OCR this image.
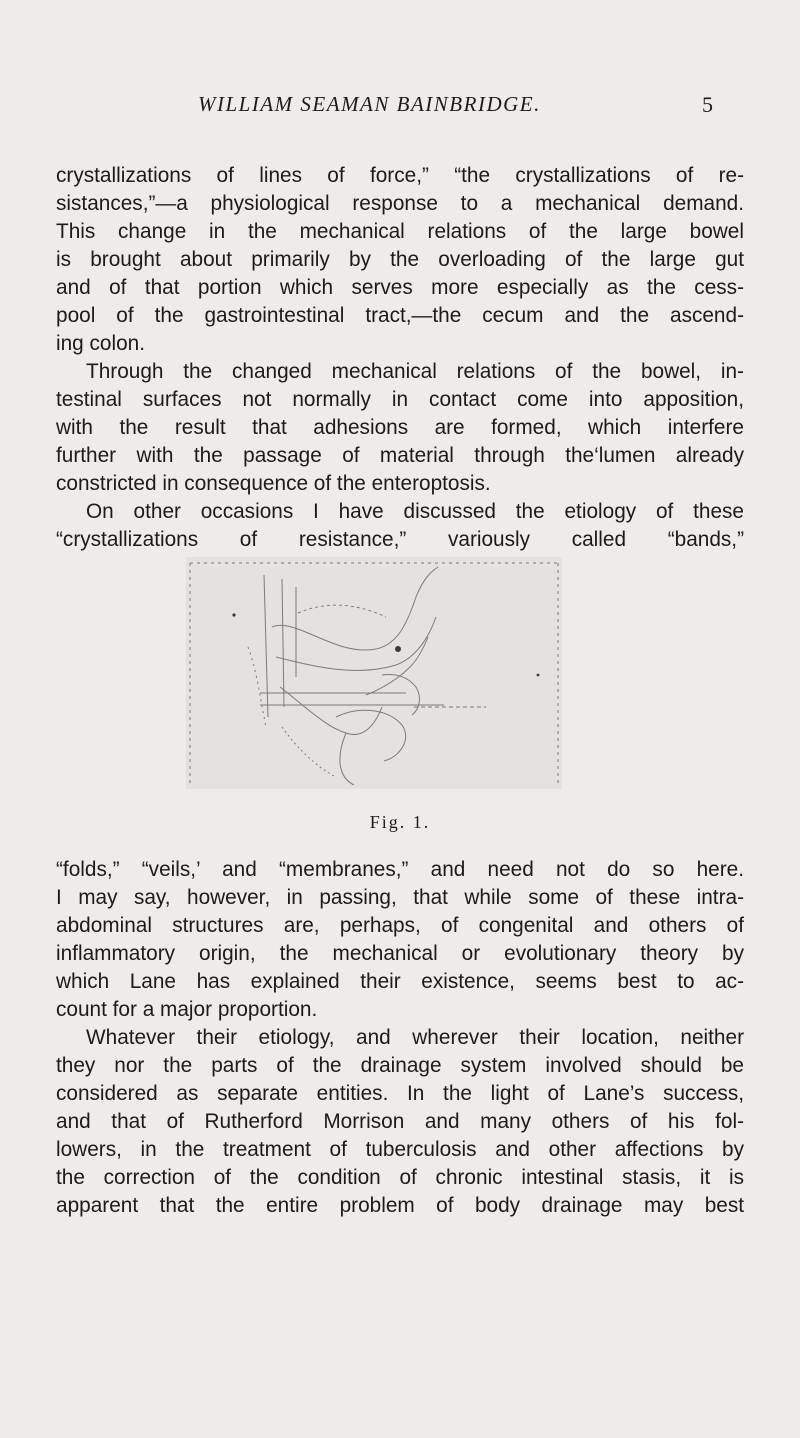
WILLIAM SEAMAN BAINBRIDGE.	5

crystallizations of lines of force,” “the crystallizations of re-
sistances,”—a physiological response to a mechanical demand.
This change in the mechanical relations of the large bowel
is brought about primarily by the overloading of the large gut
and of that portion which serves more especially as the cess-
pool of the gastrointestinal tract,—the cecum and the ascend-
ing colon.

Through the changed mechanical relations of the bowel, in-
testinal surfaces not normally in contact come into apposition,
with the result that adhesions are formed, which interfere
further with the passage of material through the‘lumen already
constricted in consequence of the enteroptosis.

On other occasions I have discussed the etiology of these
“crystallizations of resistance,” variously called “bands,”

Fig. 1.

“folds,” “veils,’ and “membranes,” and need not do so here.
I may say, however, in passing, that while some of these intra-
abdominal structures are, perhaps, of congenital and others of
inflammatory origin, the mechanical or evolutionary theory by
which Lane has explained their existence, seems best to ac-
count for a major proportion.

Whatever their etiology, and wherever their location, neither
they nor the parts of the drainage system involved should be
considered as separate entities. In the light of Lane’s success,
and that of Rutherford Morrison and many others of his fol-
lowers, in the treatment of tuberculosis and other affections by
the correction of the condition of chronic intestinal stasis, it is
apparent that the entire problem of body drainage may best
